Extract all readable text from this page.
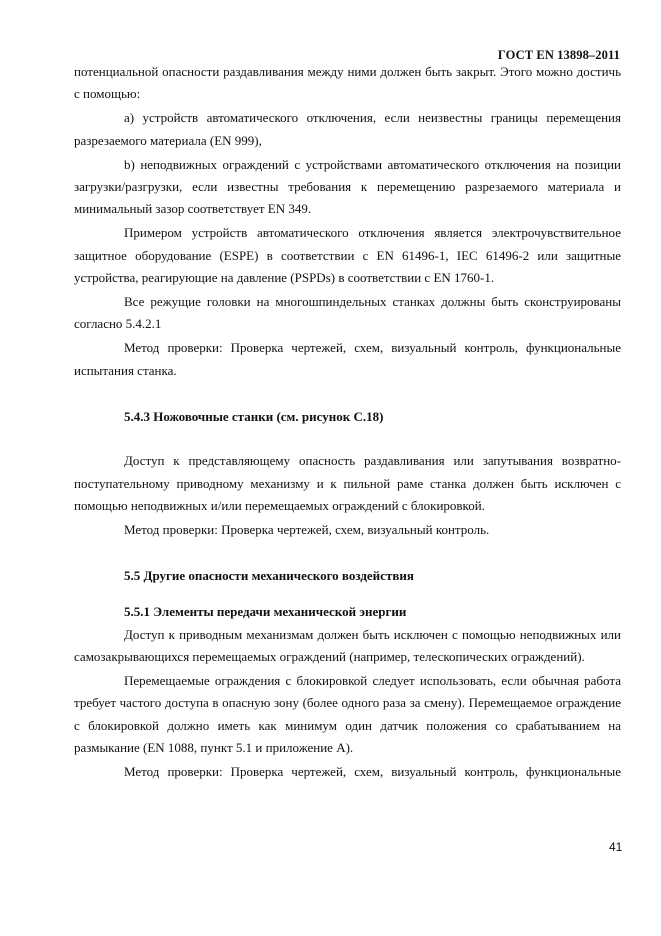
ГОСТ EN 13898–2011

потенциальной опасности раздавливания между ними должен быть закрыт. Этого можно достичь с помощью:

а) устройств автоматического отключения, если неизвестны границы перемещения разрезаемого материала (EN 999),

b) неподвижных ограждений с устройствами автоматического отключения на позиции загрузки/разгрузки, если известны требования к перемещению разрезаемого материала и минимальный зазор соответствует EN 349.

Примером устройств автоматического отключения является электрочувствительное защитное оборудование (ESPE) в соответствии с EN 61496-1, IEC 61496-2 или защитные устройства, реагирующие на давление (PSPDs) в соответствии с EN 1760-1.

Все режущие головки на многошпиндельных станках должны быть сконструированы согласно 5.4.2.1

Метод проверки: Проверка чертежей, схем, визуальный контроль, функциональные испытания станка.

5.4.3 Ножовочные станки (см. рисунок С.18)

Доступ к представляющему опасность раздавливания или запутывания возвратно-поступательному приводному механизму и к пильной раме станка должен быть исключен с помощью неподвижных и/или перемещаемых ограждений с блокировкой.

Метод проверки: Проверка чертежей, схем, визуальный контроль.

5.5 Другие опасности механического воздействия
5.5.1 Элементы передачи механической энергии

Доступ к приводным механизмам должен быть исключен с помощью неподвижных или самозакрывающихся перемещаемых ограждений (например, телескопических ограждений).

Перемещаемые ограждения с блокировкой следует использовать, если обычная работа требует частого доступа в опасную зону (более одного раза за смену). Перемещаемое ограждение с блокировкой должно иметь как минимум один датчик положения со срабатыванием на размыкание (EN 1088, пункт 5.1 и приложение А).

Метод проверки: Проверка чертежей, схем, визуальный контроль, функциональные

41
